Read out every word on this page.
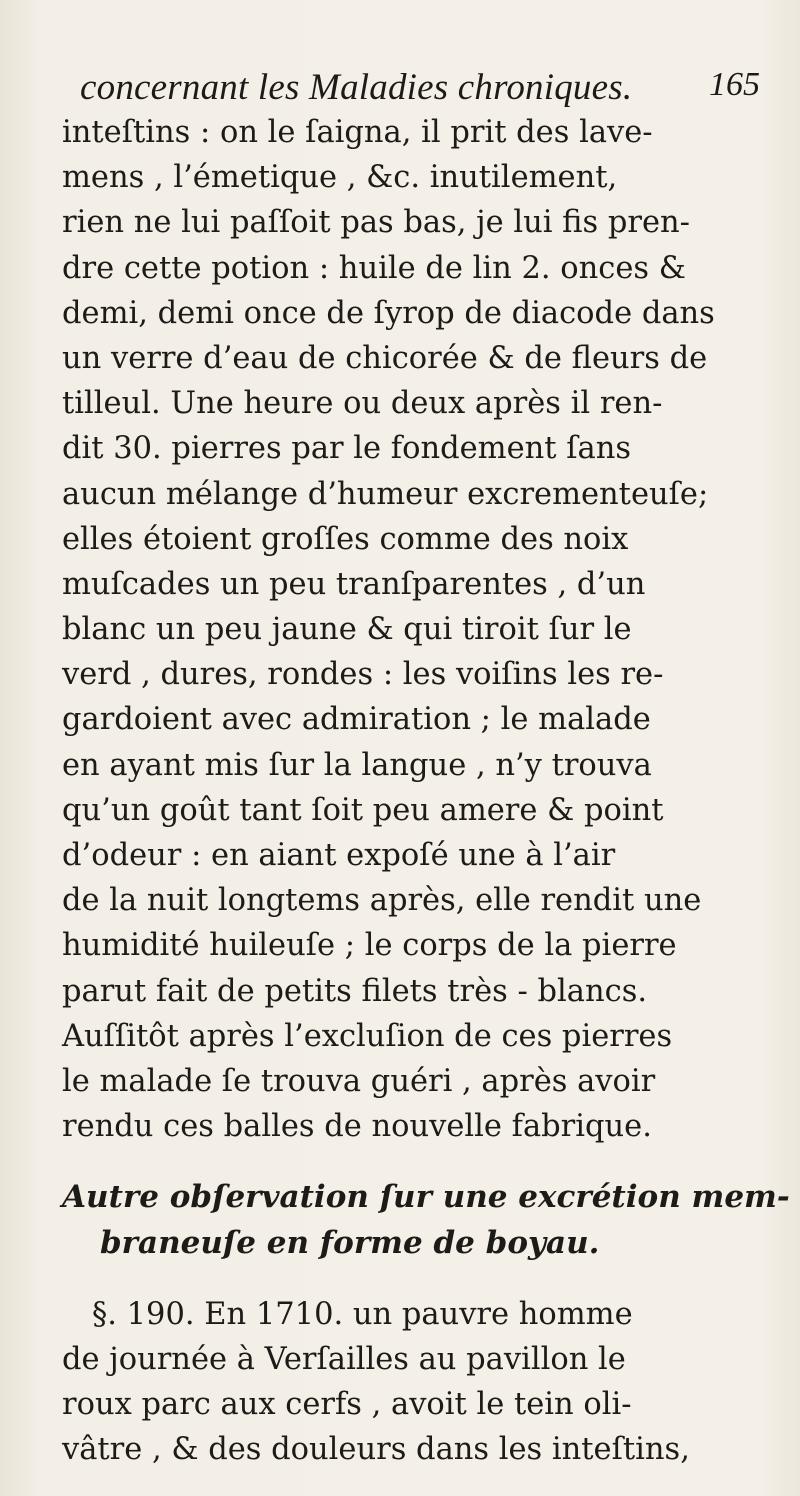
concernant les Maladies chroniques. 165
inteſtins : on le ſaigna, il prit des lave-
mens , l’émetique , &c. inutilement,
rien ne lui paſſoit pas bas, je lui fis pren-
dre cette potion : huile de lin 2. onces &
demi, demi once de ſyrop de diacode dans
un verre d’eau de chicorée & de fleurs de
tilleul. Une heure ou deux après il ren-
dit 30. pierres par le fondement ſans
aucun mélange d’humeur excrementeuſe;
elles étoient groſſes comme des noix
muſcades un peu tranſparentes , d’un
blanc un peu jaune & qui tiroit ſur le
verd , dures, rondes : les voiſins les re-
gardoient avec admiration ; le malade
en ayant mis ſur la langue , n’y trouva
qu’un goût tant ſoit peu amere & point
d’odeur : en aiant expoſé une à l’air
de la nuit longtems après, elle rendit une
humidité huileuſe ; le corps de la pierre
parut fait de petits filets très - blancs.
Auſſitôt après l’excluſion de ces pierres
le malade ſe trouva guéri , après avoir
rendu ces balles de nouvelle fabrique.
Autre obſervation ſur une excrétion mem-
braneuſe en forme de boyau.
§. 190. En 1710. un pauvre homme
de journée à Verſailles au pavillon le
roux parc aux cerfs , avoit le tein oli-
vâtre , & des douleurs dans les inteſtins,
